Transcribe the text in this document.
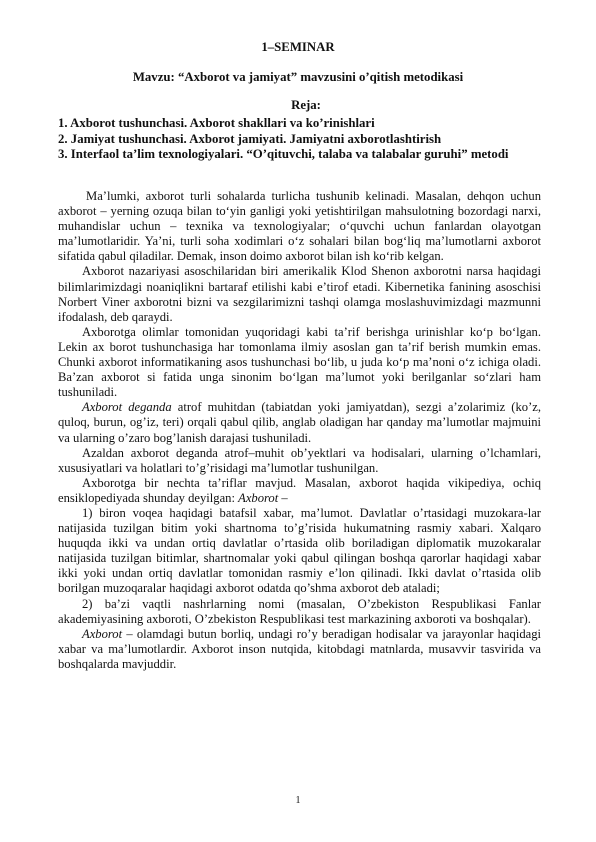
1–SEMINAR
Mavzu: “Axborot va jamiyat” mavzusini o’qitish metodikasi
Reja:
1. Axborot tushunchasi. Axborot shakllari va ko’rinishlari
2. Jamiyat tushunchasi. Axborot jamiyati. Jamiyatni axborotlashtirish
3. Interfaol ta’lim texnologiyalari. “O’qituvchi, talaba va talabalar guruhi” metodi

Ma’lumki, axborot turli sohalarda turlicha tushunib kelinadi. Masalan, dehqon uchun axborot – yerning ozuqa bilan to‘yin ganligi yoki yetishtirilgan mahsulotning bozordagi narxi, muhandislar uchun – texnika va texnologiyalar; o‘quvchi uchun fanlardan olayotgan ma’lumotlaridir. Ya’ni, turli soha xodimlari o‘z sohalari bilan bog‘liq ma’lumotlarni axborot sifatida qabul qiladilar. Demak, inson doimo axborot bilan ish ko‘rib kelgan.

Axborot nazariyasi asoschilaridan biri amerikalik Klod Shenon axborotni narsa haqidagi bilimlarimizdagi noaniqlikni bartaraf etilishi kabi e’tirof etadi. Kibernetika fanining asoschisi Norbert Viner axborotni bizni va sezgilarimizni tashqi olamga moslashuvimizdagi mazmunni ifodalash, deb qaraydi.

Axborotga olimlar tomonidan yuqoridagi kabi ta’rif berishga urinishlar ko‘p bo‘lgan. Lekin ax borot tushunchasiga har tomonlama ilmiy asoslan gan ta’rif berish mumkin emas. Chunki axborot informatikaning asos tushunchasi bo‘lib, u juda ko‘p ma’noni o‘z ichiga oladi. Ba’zan axborot si fatida unga sinonim bo‘lgan ma’lumot yoki berilganlar so‘zlari ham tushuniladi.

Axborot deganda atrof muhitdan (tabiatdan yoki jamiyatdan), sezgi a’zolarimiz (ko’z, quloq, burun, og’iz, teri) orqali qabul qilib, anglab oladigan har qanday ma’lumotlar majmuini va ularning o’zaro bog’lanish darajasi tushuniladi.

Azaldan axborot deganda atrof–muhit ob’yektlari va hodisalari, ularning o’lchamlari, xususiyatlari va holatlari to’g’risidagi ma’lumotlar tushunilgan.

Axborotga bir nechta ta’riflar mavjud. Masalan, axborot haqida vikipediya, ochiq ensiklopediyada shunday deyilgan: Axborot –

1) biron voqea haqidagi batafsil xabar, ma’lumot. Davlatlar o’rtasidagi muzokara-lar natijasida tuzilgan bitim yoki shartnoma to’g’risida hukumatning rasmiy xabari. Xalqaro huquqda ikki va undan ortiq davlatlar o’rtasida olib boriladigan diplomatik muzokaralar natijasida tuzilgan bitimlar, shartnomalar yoki qabul qilingan boshqa qarorlar haqidagi xabar ikki yoki undan ortiq davlatlar tomonidan rasmiy e’lon qilinadi. Ikki davlat o’rtasida olib borilgan muzoqaralar haqidagi axborot odatda qo’shma axborot deb ataladi;

2) ba’zi vaqtli nashrlarning nomi (masalan, O’zbekiston Respublikasi Fanlar akademiyasining axboroti, O’zbekiston Respublikasi test markazining axboroti va boshqalar).

Axborot – olamdagi butun borliq, undagi ro’y beradigan hodisalar va jarayonlar haqidagi xabar va ma’lumotlardir. Axborot inson nutqida, kitobdagi matnlarda, musavvir tasvirida va boshqalarda mavjuddir.

1
